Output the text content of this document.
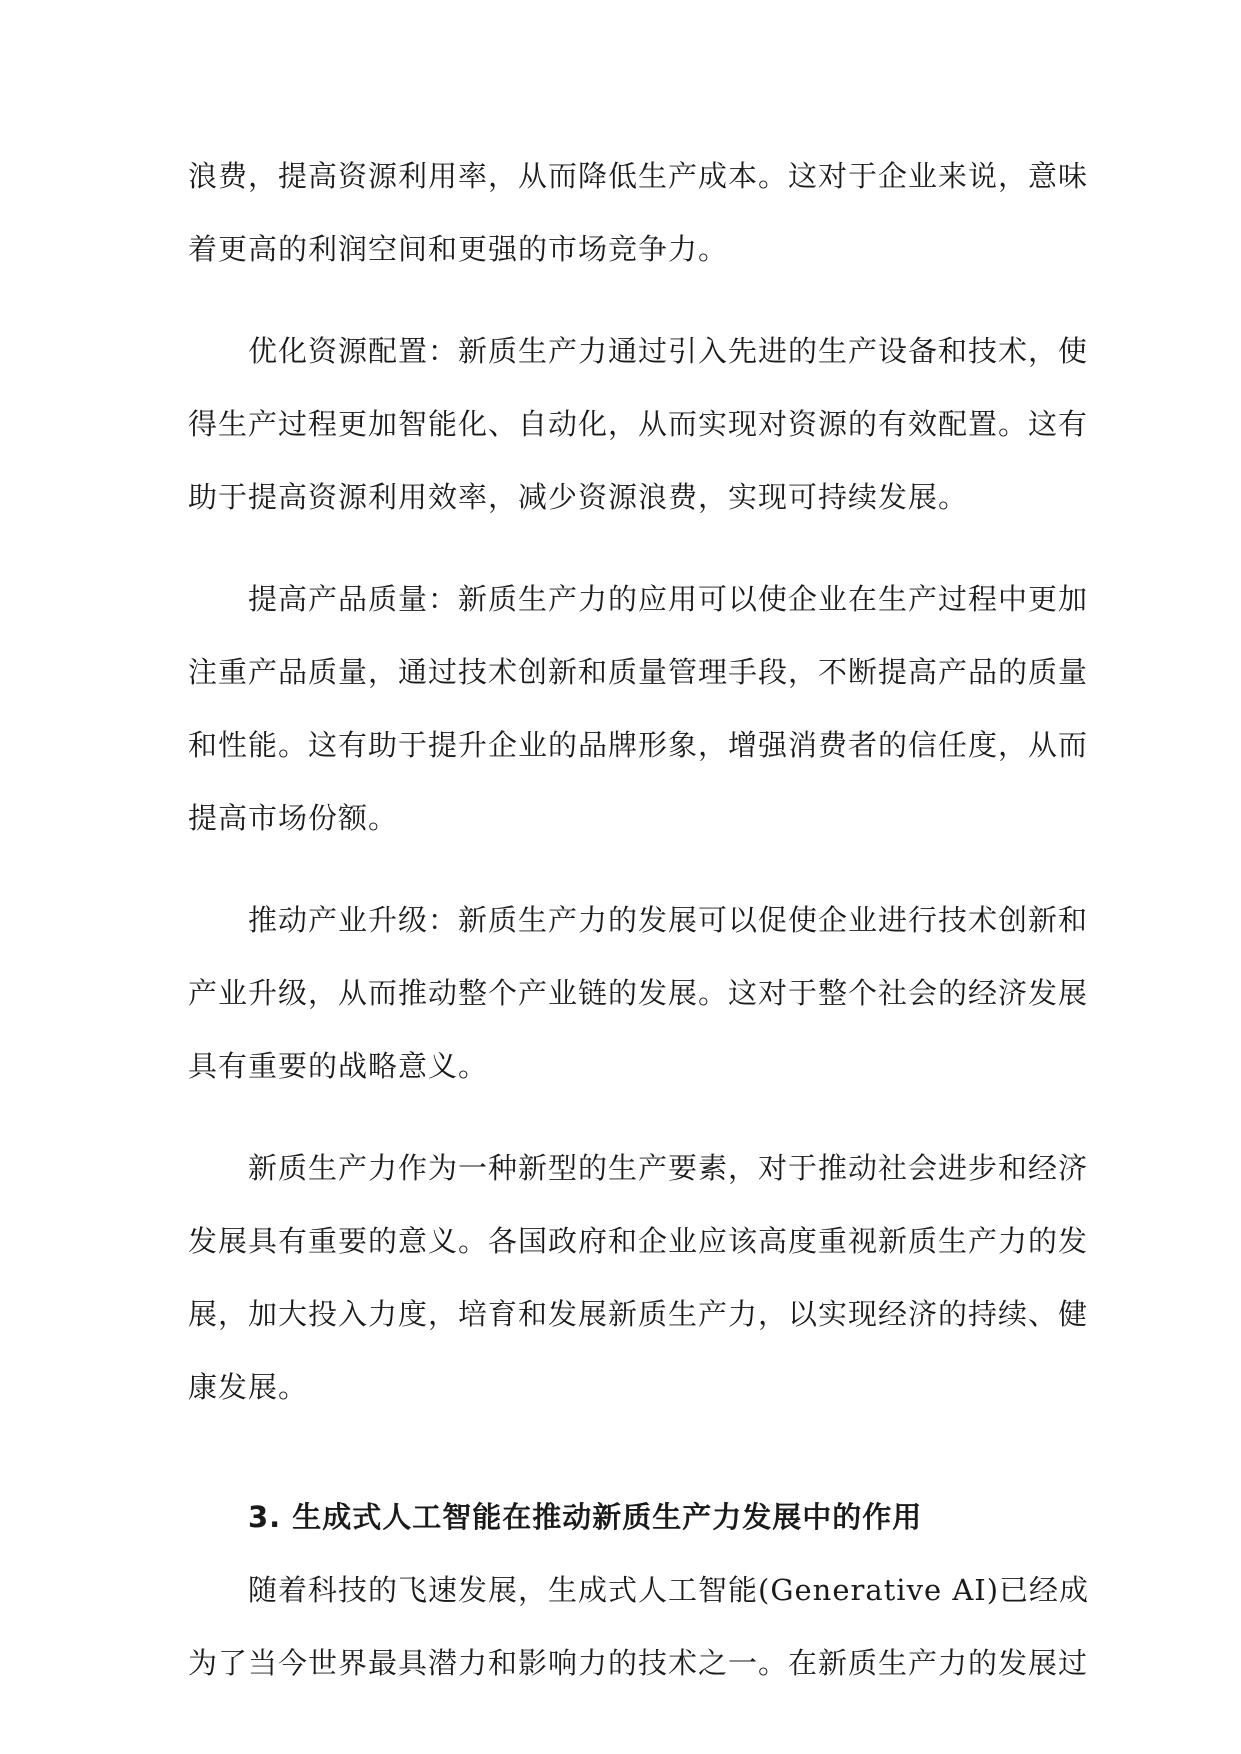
浪费，提高资源利用率，从而降低生产成本。这对于企业来说，意味
着更高的利润空间和更强的市场竞争力。

优化资源配置：新质生产力通过引入先进的生产设备和技术，使
得生产过程更加智能化、自动化，从而实现对资源的有效配置。这有
助于提高资源利用效率，减少资源浪费，实现可持续发展。

提高产品质量：新质生产力的应用可以使企业在生产过程中更加
注重产品质量，通过技术创新和质量管理手段，不断提高产品的质量
和性能。这有助于提升企业的品牌形象，增强消费者的信任度，从而
提高市场份额。

推动产业升级：新质生产力的发展可以促使企业进行技术创新和
产业升级，从而推动整个产业链的发展。这对于整个社会的经济发展
具有重要的战略意义。

新质生产力作为一种新型的生产要素，对于推动社会进步和经济
发展具有重要的意义。各国政府和企业应该高度重视新质生产力的发
展，加大投入力度，培育和发展新质生产力，以实现经济的持续、健
康发展。

3. 生成式人工智能在推动新质生产力发展中的作用

随着科技的飞速发展，生成式人工智能(Generative AI)已经成
为了当今世界最具潜力和影响力的技术之一。在新质生产力的发展过
